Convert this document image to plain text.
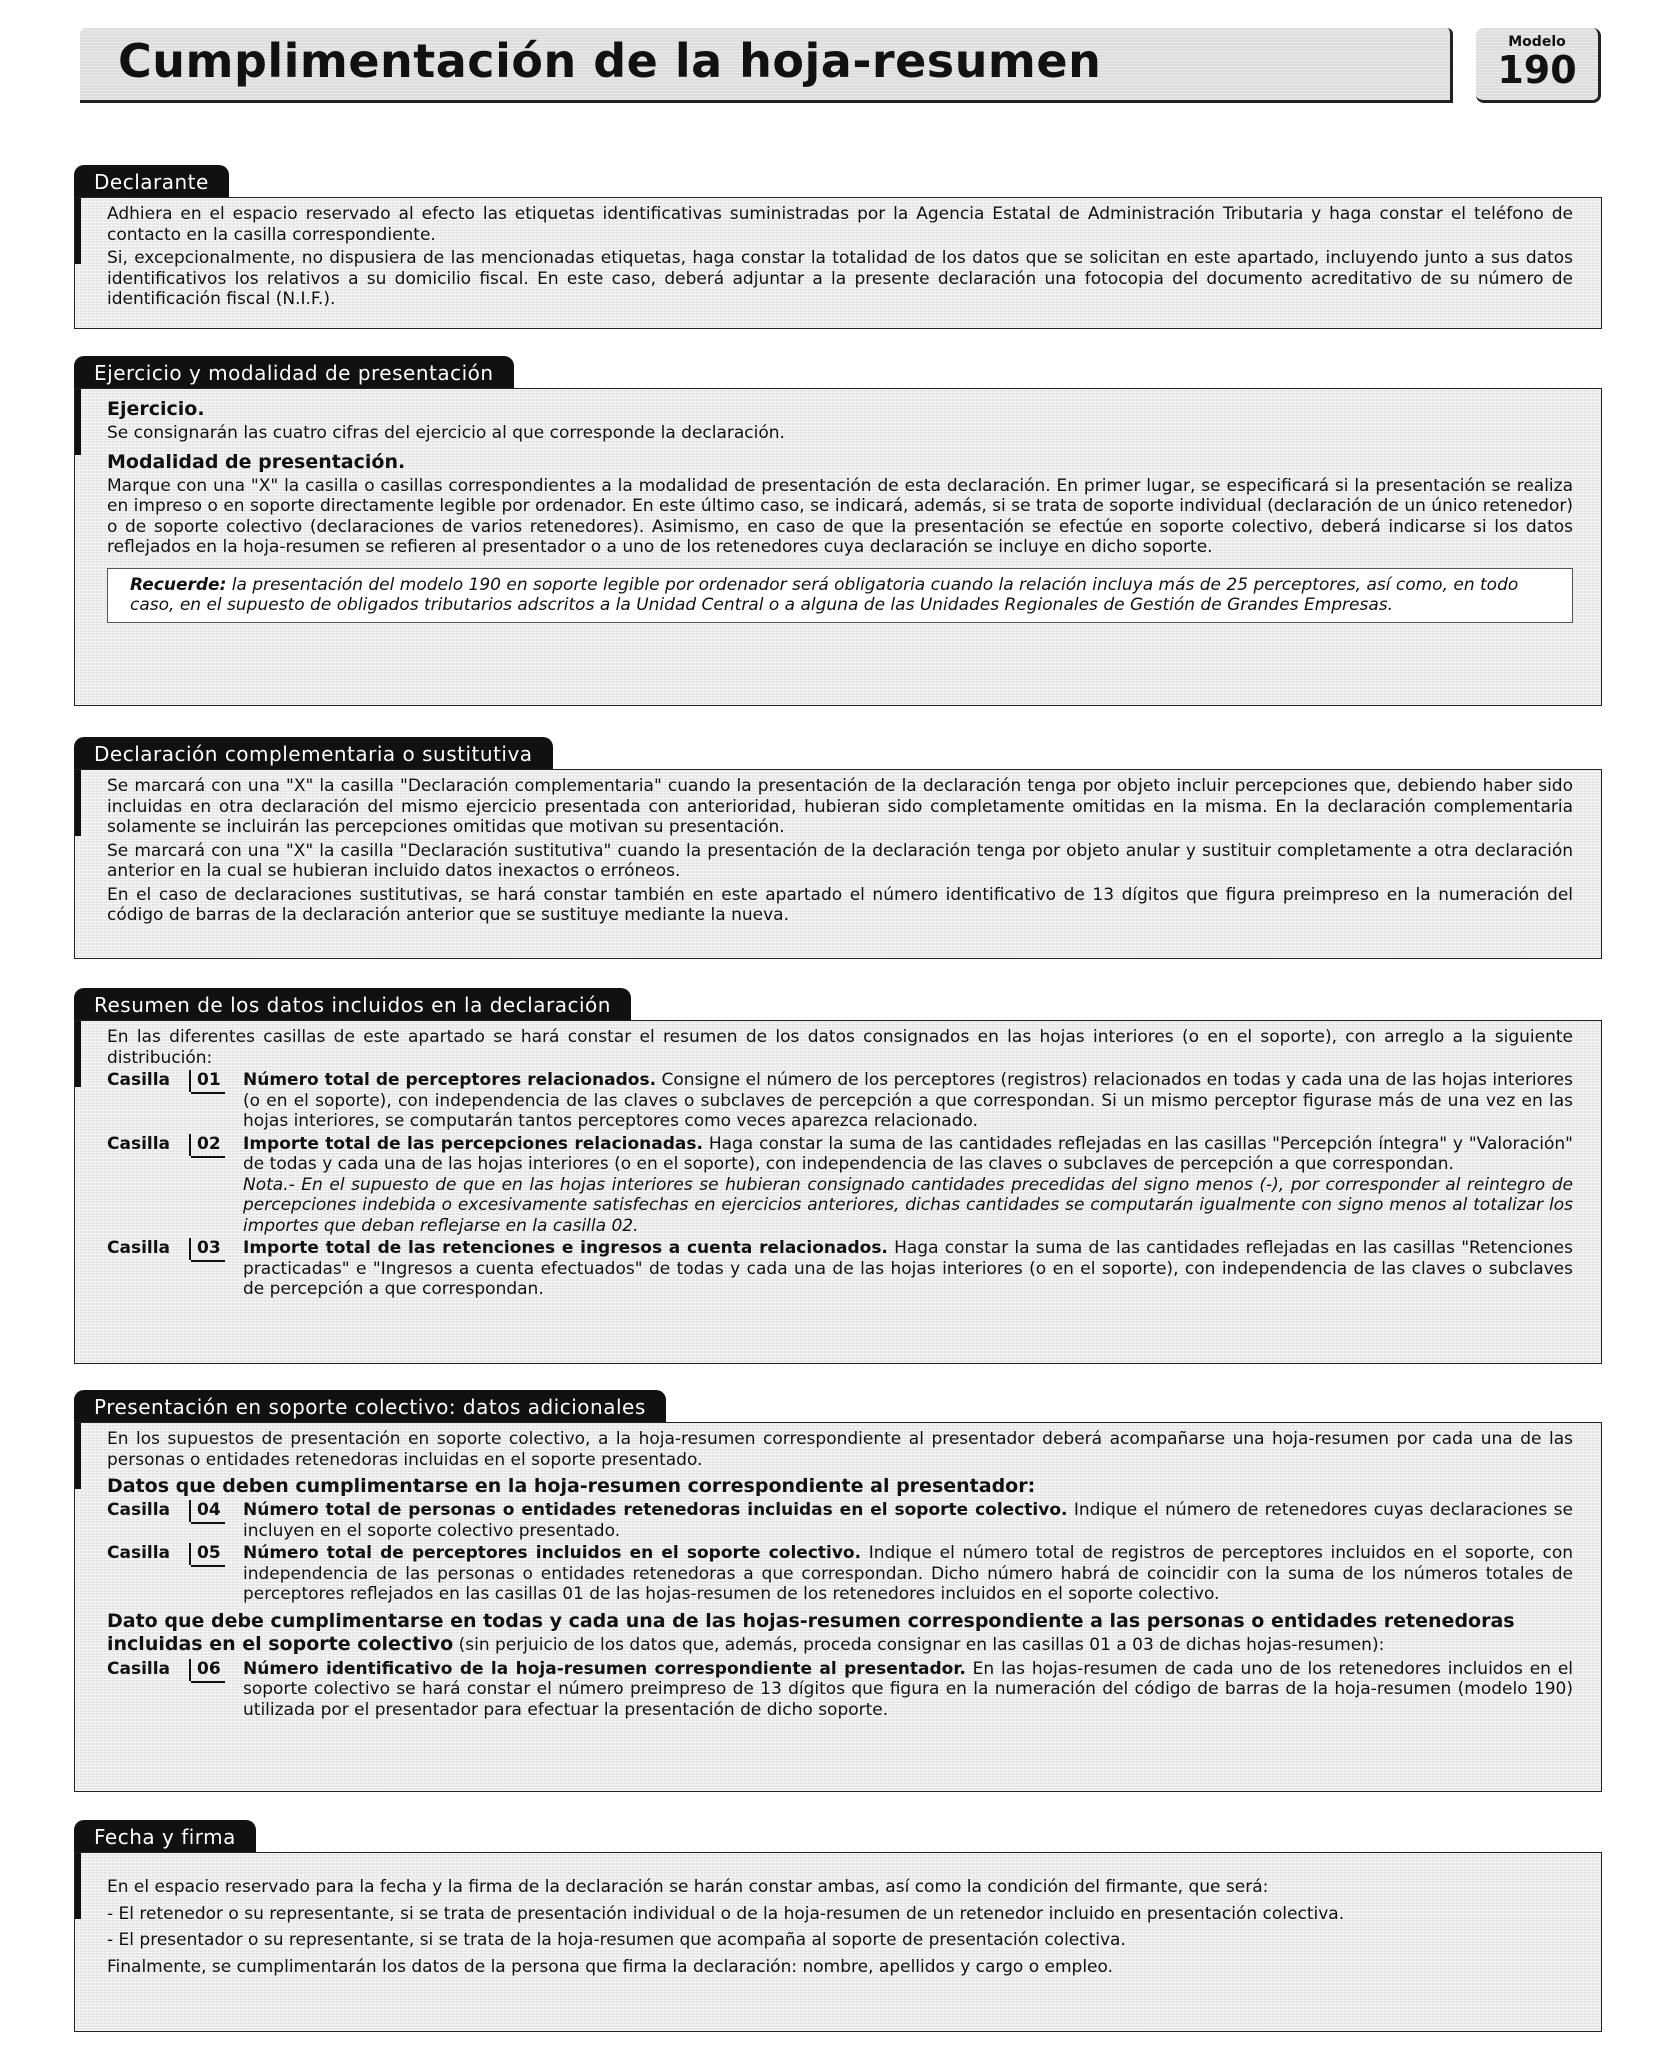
Cumplimentación de la hoja-resumen	Modelo
190
Declarante

Adhiera en el espacio reservado al efecto las etiquetas identificativas suministradas por la Agencia Estatal de Administración Tributaria y haga constar el teléfono de contacto en la casilla correspondiente.

Si, excepcionalmente, no dispusiera de las mencionadas etiquetas, haga constar la totalidad de los datos que se solicitan en este apartado, incluyendo junto a sus datos identificativos los relativos a su domicilio fiscal. En este caso, deberá adjuntar a la presente declaración una fotocopia del documento acreditativo de su número de identificación fiscal (N.I.F.).

Ejercicio y modalidad de presentación
Ejercicio.

Se consignarán las cuatro cifras del ejercicio al que corresponde la declaración.

Modalidad de presentación.

Marque con una "X" la casilla o casillas correspondientes a la modalidad de presentación de esta declaración. En primer lugar, se especificará si la presentación se realiza en impreso o en soporte directamente legible por ordenador. En este último caso, se indicará, además, si se trata de soporte individual (declaración de un único retenedor) o de soporte colectivo (declaraciones de varios retenedores). Asimismo, en caso de que la presentación se efectúe en soporte colectivo, deberá indicarse si los datos reflejados en la hoja-resumen se refieren al presentador o a uno de los retenedores cuya declaración se incluye en dicho soporte.

Recuerde: la presentación del modelo 190 en soporte legible por ordenador será obligatoria cuando la relación incluya más de 25 perceptores, así como, en todo caso, en el supuesto de obligados tributarios adscritos a la Unidad Central o a alguna de las Unidades Regionales de Gestión de Grandes Empresas.
Declaración complementaria o sustitutiva

Se marcará con una "X" la casilla "Declaración complementaria" cuando la presentación de la declaración tenga por objeto incluir percepciones que, debiendo haber sido incluidas en otra declaración del mismo ejercicio presentada con anterioridad, hubieran sido completamente omitidas en la misma. En la declaración complementaria solamente se incluirán las percepciones omitidas que motivan su presentación.

Se marcará con una "X" la casilla "Declaración sustitutiva" cuando la presentación de la declaración tenga por objeto anular y sustituir completamente a otra declaración anterior en la cual se hubieran incluido datos inexactos o erróneos.

En el caso de declaraciones sustitutivas, se hará constar también en este apartado el número identificativo de 13 dígitos que figura preimpreso en la numeración del código de barras de la declaración anterior que se sustituye mediante la nueva.

Resumen de los datos incluidos en la declaración

En las diferentes casillas de este apartado se hará constar el resumen de los datos consignados en las hojas interiores (o en el soporte), con arreglo a la siguiente distribución:

Casilla	01 Número total de perceptores relacionados. Consigne el número de los perceptores (registros) relacionados en todas y cada una de las hojas interiores (o en el soporte), con independencia de las claves o subclaves de percepción a que correspondan. Si un mismo perceptor figurase más de una vez en las hojas interiores, se computarán tantos perceptores como veces aparezca relacionado.
Casilla	02 Importe total de las percepciones relacionadas. Haga constar la suma de las cantidades reflejadas en las casillas "Percepción íntegra" y "Valoración" de todas y cada una de las hojas interiores (o en el soporte), con independencia de las claves o subclaves de percepción a que correspondan.
Nota.- En el supuesto de que en las hojas interiores se hubieran consignado cantidades precedidas del signo menos (-), por corresponder al reintegro de percepciones indebida o excesivamente satisfechas en ejercicios anteriores, dichas cantidades se computarán igualmente con signo menos al totalizar los importes que deban reflejarse en la casilla 02.
Casilla	03 Importe total de las retenciones e ingresos a cuenta relacionados. Haga constar la suma de las cantidades reflejadas en las casillas "Retenciones practicadas" e "Ingresos a cuenta efectuados" de todas y cada una de las hojas interiores (o en el soporte), con independencia de las claves o subclaves de percepción a que correspondan.
Presentación en soporte colectivo: datos adicionales

En los supuestos de presentación en soporte colectivo, a la hoja-resumen correspondiente al presentador deberá acompañarse una hoja-resumen por cada una de las personas o entidades retenedoras incluidas en el soporte presentado.

Datos que deben cumplimentarse en la hoja-resumen correspondiente al presentador:
Casilla	04 Número total de personas o entidades retenedoras incluidas en el soporte colectivo. Indique el número de retenedores cuyas declaraciones se incluyen en el soporte colectivo presentado.
Casilla	05 Número total de perceptores incluidos en el soporte colectivo. Indique el número total de registros de perceptores incluidos en el soporte, con independencia de las personas o entidades retenedoras a que correspondan. Dicho número habrá de coincidir con la suma de los números totales de perceptores reflejados en las casillas 01 de las hojas-resumen de los retenedores incluidos en el soporte colectivo.
Dato que debe cumplimentarse en todas y cada una de las hojas-resumen correspondiente a las personas o entidades retenedoras incluidas en el soporte colectivo (sin perjuicio de los datos que, además, proceda consignar en las casillas 01 a 03 de dichas hojas-resumen):
Casilla	06 Número identificativo de la hoja-resumen correspondiente al presentador. En las hojas-resumen de cada uno de los retenedores incluidos en el soporte colectivo se hará constar el número preimpreso de 13 dígitos que figura en la numeración del código de barras de la hoja-resumen (modelo 190) utilizada por el presentador para efectuar la presentación de dicho soporte.
Fecha y firma

En el espacio reservado para la fecha y la firma de la declaración se harán constar ambas, así como la condición del firmante, que será:

- El retenedor o su representante, si se trata de presentación individual o de la hoja-resumen de un retenedor incluido en presentación colectiva.

- El presentador o su representante, si se trata de la hoja-resumen que acompaña al soporte de presentación colectiva.

Finalmente, se cumplimentarán los datos de la persona que firma la declaración: nombre, apellidos y cargo o empleo.
